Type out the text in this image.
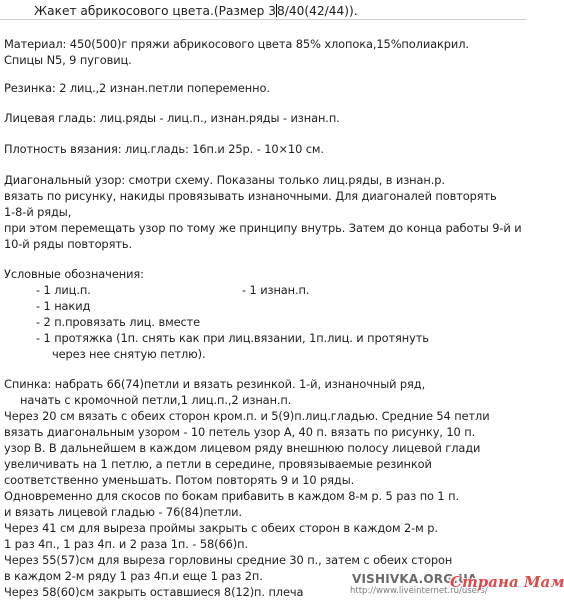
Жакет абрикосового цвета.(Размер 38/40(42/44)).
Материал: 450(500)г пряжи абрикосового цвета 85% хлопока,15%полиакрил.
Спицы N5, 9 пуговиц.
Резинка: 2 лиц.,2 изнан.петли попеременно.
Лицевая гладь: лиц.ряды - лиц.п., изнан.ряды - изнан.п.
Плотность вязания: лиц.гладь: 16п.и 25р. - 10×10 см.
Диагональный узор: смотри схему. Показаны только лиц.ряды, в изнан.р.
вязать по рисунку, накиды провязывать изнаночными. Для диагоналей повторять
1-8-й ряды,
при этом перемещать узор по тому же принципу внутрь. Затем до конца работы 9-й и
10-й ряды повторять.
Условные обозначения:
- 1 лиц.п.	- 1 изнан.п.
- 1 накид
- 2 п.провязать лиц. вместе
- 1 протяжка (1п. снять как при лиц.вязании, 1п.лиц. и протянуть
через нее снятую петлю).
Спинка: набрать 66(74)петли и вязать резинкой. 1-й, изнаночный ряд,
начать с кромочной петли,1 лиц.п.,2 изнан.п.
Через 20 см вязать с обеих сторон кром.п. и 5(9)п.лиц.гладью. Средние 54 петли
вязать диагональным узором - 10 петель узор А, 40 п. вязать по рисунку, 10 п.
узор В. В дальнейшем в каждом лицевом ряду внешнюю полосу лицевой глади
увеличивать на 1 петлю, а петли в середине, провязываемые резинкой
соответственно уменьшать. Потом повторять 9 и 10 ряды.
Одновременно для скосов по бокам прибавить в каждом 8-м р. 5 раз по 1 п.
и вязать лицевой гладью - 76(84)петли.
Через 41 см для выреза проймы закрыть с обеих сторон в каждом 2-м р.
1 раз 4п., 1 раз 4п. и 2 раза 1п. - 58(66)п.
Через 55(57)см для выреза горловины средние 30 п., затем с обеих сторон
в каждом 2-м ряду 1 раз 4п.и еще 1 раз 2п.
Через 58(60)см закрыть оставшиеся 8(12)п. плеча
VISHIVKA.ORG.UA
http://www.liveinternet.ru/users/
Страна Мам
